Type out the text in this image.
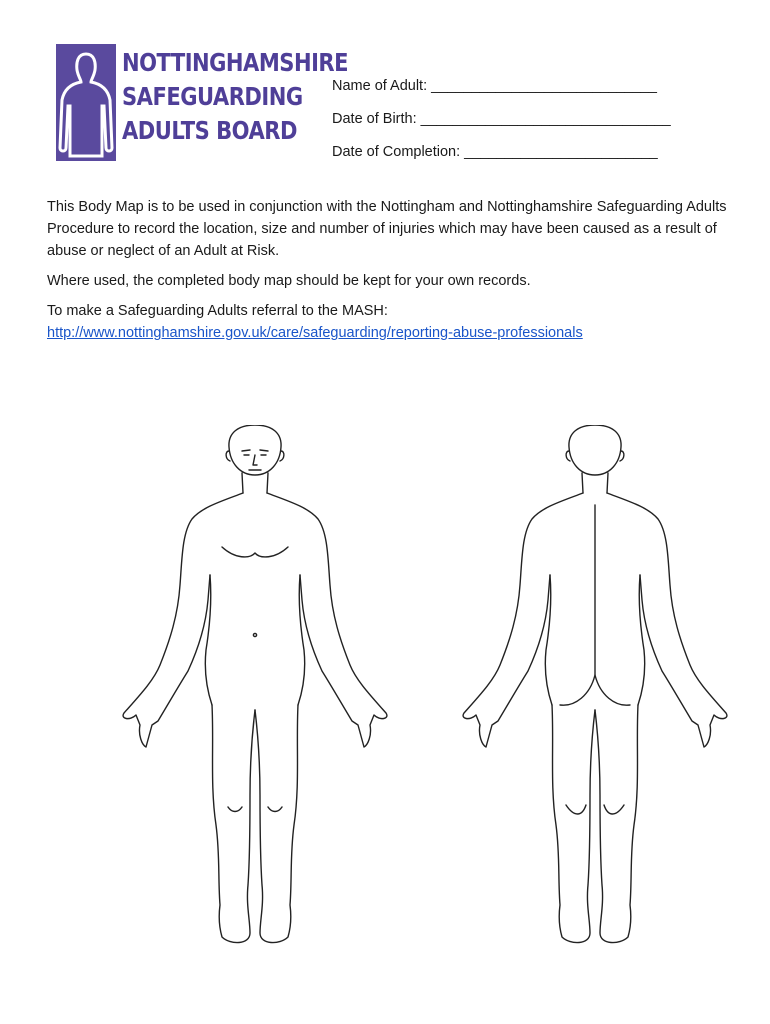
NOTTINGHAMSHIRE
SAFEGUARDING
ADULTS BOARD
Name of Adult: ____________________________
Date of Birth: _______________________________
Date of Completion: ________________________

This Body Map is to be used in conjunction with the Nottingham and Nottinghamshire Safeguarding Adults Procedure to record the location, size and number of injuries which may have been caused as a result of abuse or neglect of an Adult at Risk.

Where used, the completed body map should be kept for your own records.

To make a Safeguarding Adults referral to the MASH:
http://www.nottinghamshire.gov.uk/care/safeguarding/reporting-abuse-professionals
